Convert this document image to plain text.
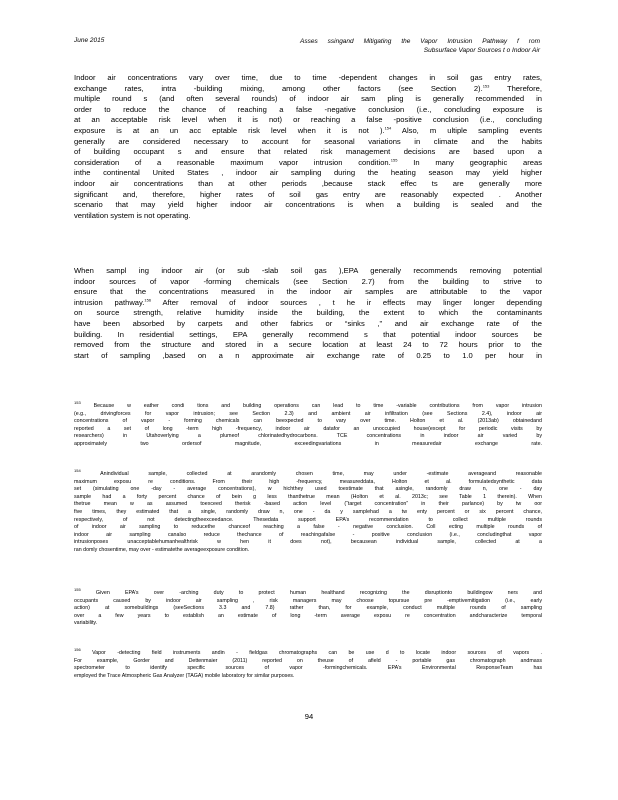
June 2015	Asses ssingand Mitigating the Vapor Intrusion Pathway f rom
Subsurface Vapor Sources t o Indoor Air
Indoor air concentrations vary over time, due to time -dependent changes in soil gas entry rates,
exchange rates, intra -building mixing, among other factors (see Section 2).$^{153}$ Therefore,
multiple round s (and often several rounds) of indoor air sam pling is generally recommended in
order to reduce the chance of reaching a false -negative conclusion (i.e., concluding exposure is
at an acceptable risk level when it is not) or reaching a false -positive conclusion (i.e., concluding
exposure is at an un acc eptable risk level when it is not ).$^{154}$ Also, m ultiple sampling events
generally are considered necessary to account for seasonal variations in climate and the habits
of building occupant s and ensure that related risk management decisions are based upon a
consideration of a reasonable maximum vapor intrusion condition.$^{155}$ In many geographic areas
inthe continental United States , indoor air sampling during the heating season may yield higher
indoor air concentrations than at other periods ,because stack effec ts are generally more
significant and, therefore, higher rates of soil gas entry are reasonably expected . Another
scenario that may yield higher indoor air concentrations is when a building is sealed and the
ventilation system is not operating.
When sampl ing indoor air (or sub -slab soil gas ),EPA generally recommends removing potential
indoor sources of vapor -forming chemicals (see Section 2.7) from the building to strive to
ensure that the concentrations measured in the indoor air samples are attributable to the vapor
intrusion pathway.$^{156}$ After removal of indoor sources , t he ir effects may linger longer depending
on source strength, relative humidity inside the building, the extent to which the contaminants
have been absorbed by carpets and other fabrics or “sinks ,” and air exchange rate of the
building. In residential settings, EPA generally recommend s that potential indoor sources be
removed from the structure and stored in a secure location at least 24 to 72 hours prior to the
start of sampling ,based on a n approximate air exchange rate of 0.25 to 1.0 per hour in
$^{153}$ Because w eather condi tions and building operations can lead to time -variable contributions from vapor intrusion
(e.g., drivingforces for vapor intrusion; see Section 2.3) and ambient air infiltration (see Sections 2.4), indoor air
concentrations of vapor - forming chemicals can beexpected to vary over time. Holton et al. (2013ab) obtainedand
reported a set of long -term high -frequency, indoor air datafor an unoccupied house(except for periodic visits by
researchers) in Utahoverlying a plumeof chlorinatedhydrocarbons. TCE concentrations in indoor air varied by
approximately two ordersof magnitude, exceedingvariations in measuredair exchange rate.
$^{154}$ Anindividual sample, collected at arandomly chosen time, may under -estimate averageand reasonable
maximum exposu re conditions. From their high -frequency, measureddata, Holton et al. formulatedsynthetic data
set (simulating one -day - average concentrations), w hichthey used toestimate that asingle, randomly draw n, one - day
sample had a forty percent chance of bein g less thanthetrue mean (Holton et al. 2013c; see Table 1 therein). When
thetrue mean w as assumed toexceed therisk -based action level (“target concentration” in their parlance) by tw oor
five times, they estimated that a single, randomly draw n, one - da y samplehad a tw enty percent or six percent chance,
respectively, of not detectingtheexceedance. Thesedata support EPA’s recommendation to collect multiple rounds
of indoor air sampling to reducethe chanceof reaching a false - negative conclusion. Coll ecting multiple rounds of
indoor air sampling canalso reduce thechance of reachingafalse - positive conclusion (i.e., concludingthat vapor
intrusionposes unacceptablehumanhealthrisk w hen it does not), becausean individual sample, collected at a
ran domly chosentime, may over - estimatethe averageexposure condition.
$^{155}$ Given EPA’s over -arching duty to protect human healthand recognizing the disruptionto buildingow ners and
occupants caused by indoor air sampling , risk managers may choose topursue pre -emptivemitigation (i.e., early
action) at somebuildings (seeSections 3.3 and 7.8) rather than, for example, conduct multiple rounds of sampling
over a few years to establish an estimate of long -term average exposu re concentration andcharacterize temporal
variability.
$^{156}$ Vapor -detecting field instruments andin - fieldgas chromatographs can be use d to locate indoor sources of vapors .
For example, Gorder and Dettenmaier (2011) reported on theuse of afield - portable gas chromatograph andmass
spectrometer to identify specific sources of vapor -formingchemicals. EPA’s Environmental ResponseTeam has
employed the Trace Atmospheric Gas Analyzer (TAGA) mobile laboratory for similar purposes.
94
